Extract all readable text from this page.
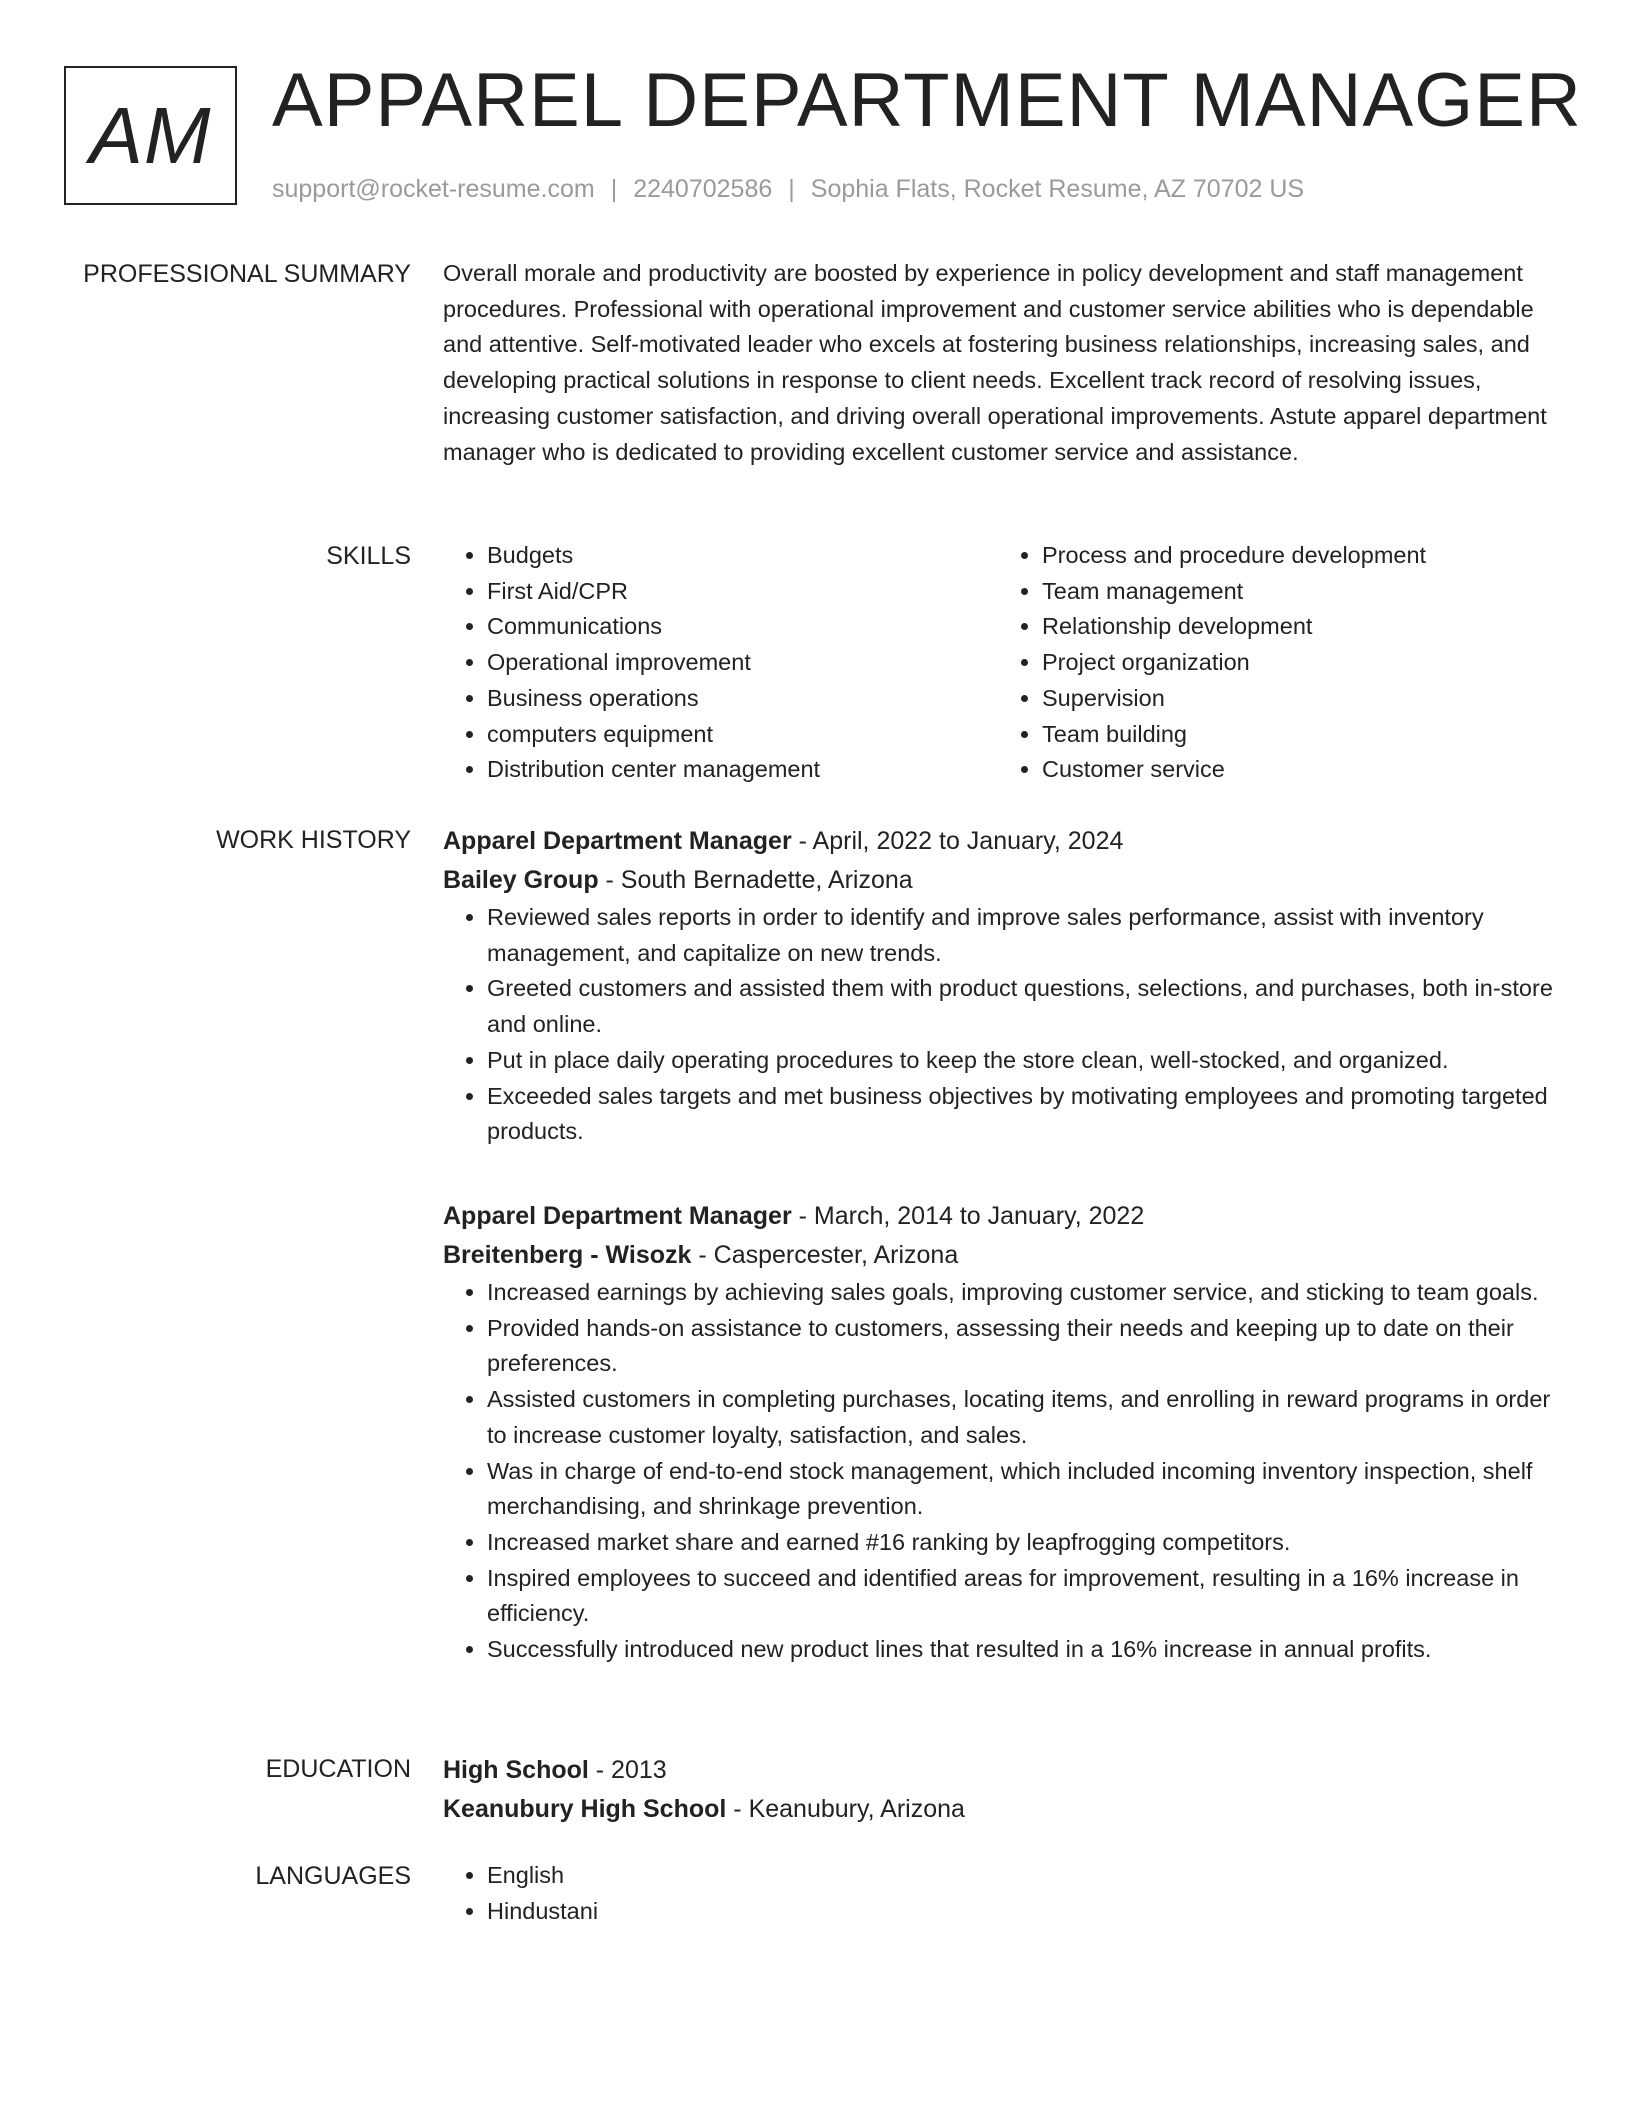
AM APPAREL DEPARTMENT MANAGER
support@rocket-resume.com | 2240702586 | Sophia Flats, Rocket Resume, AZ 70702 US
PROFESSIONAL SUMMARY Overall morale and productivity are boosted by experience in policy development and staff management procedures. Professional with operational improvement and customer service abilities who is dependable and attentive. Self-motivated leader who excels at fostering business relationships, increasing sales, and developing practical solutions in response to client needs. Excellent track record of resolving issues, increasing customer satisfaction, and driving overall operational improvements. Astute apparel department manager who is dedicated to providing excellent customer service and assistance.

SKILLS	• Budgets
• First Aid/CPR
• Communications
• Operational improvement
• Business operations
• computers equipment
• Distribution center management
• Process and procedure development
• Team management
• Relationship development
• Project organization
• Supervision
• Team building
• Customer service
WORK HISTORY Apparel Department Manager - April, 2022 to January, 2024
Bailey Group - South Bernadette, Arizona
• Reviewed sales reports in order to identify and improve sales performance, assist with inventory management, and capitalize on new trends.
• Greeted customers and assisted them with product questions, selections, and purchases, both in-store and online.
• Put in place daily operating procedures to keep the store clean, well-stocked, and organized.
• Exceeded sales targets and met business objectives by motivating employees and promoting targeted products.
Apparel Department Manager - March, 2014 to January, 2022
Breitenberg - Wisozk - Caspercester, Arizona
• Increased earnings by achieving sales goals, improving customer service, and sticking to team goals.
• Provided hands-on assistance to customers, assessing their needs and keeping up to date on their preferences.
• Assisted customers in completing purchases, locating items, and enrolling in reward programs in order to increase customer loyalty, satisfaction, and sales.
• Was in charge of end-to-end stock management, which included incoming inventory inspection, shelf merchandising, and shrinkage prevention.
• Increased market share and earned #16 ranking by leapfrogging competitors.
• Inspired employees to succeed and identified areas for improvement, resulting in a 16% increase in efficiency.
• Successfully introduced new product lines that resulted in a 16% increase in annual profits.
EDUCATION High School - 2013
Keanubury High School - Keanubury, Arizona
LANGUAGES	• English
• Hindustani
